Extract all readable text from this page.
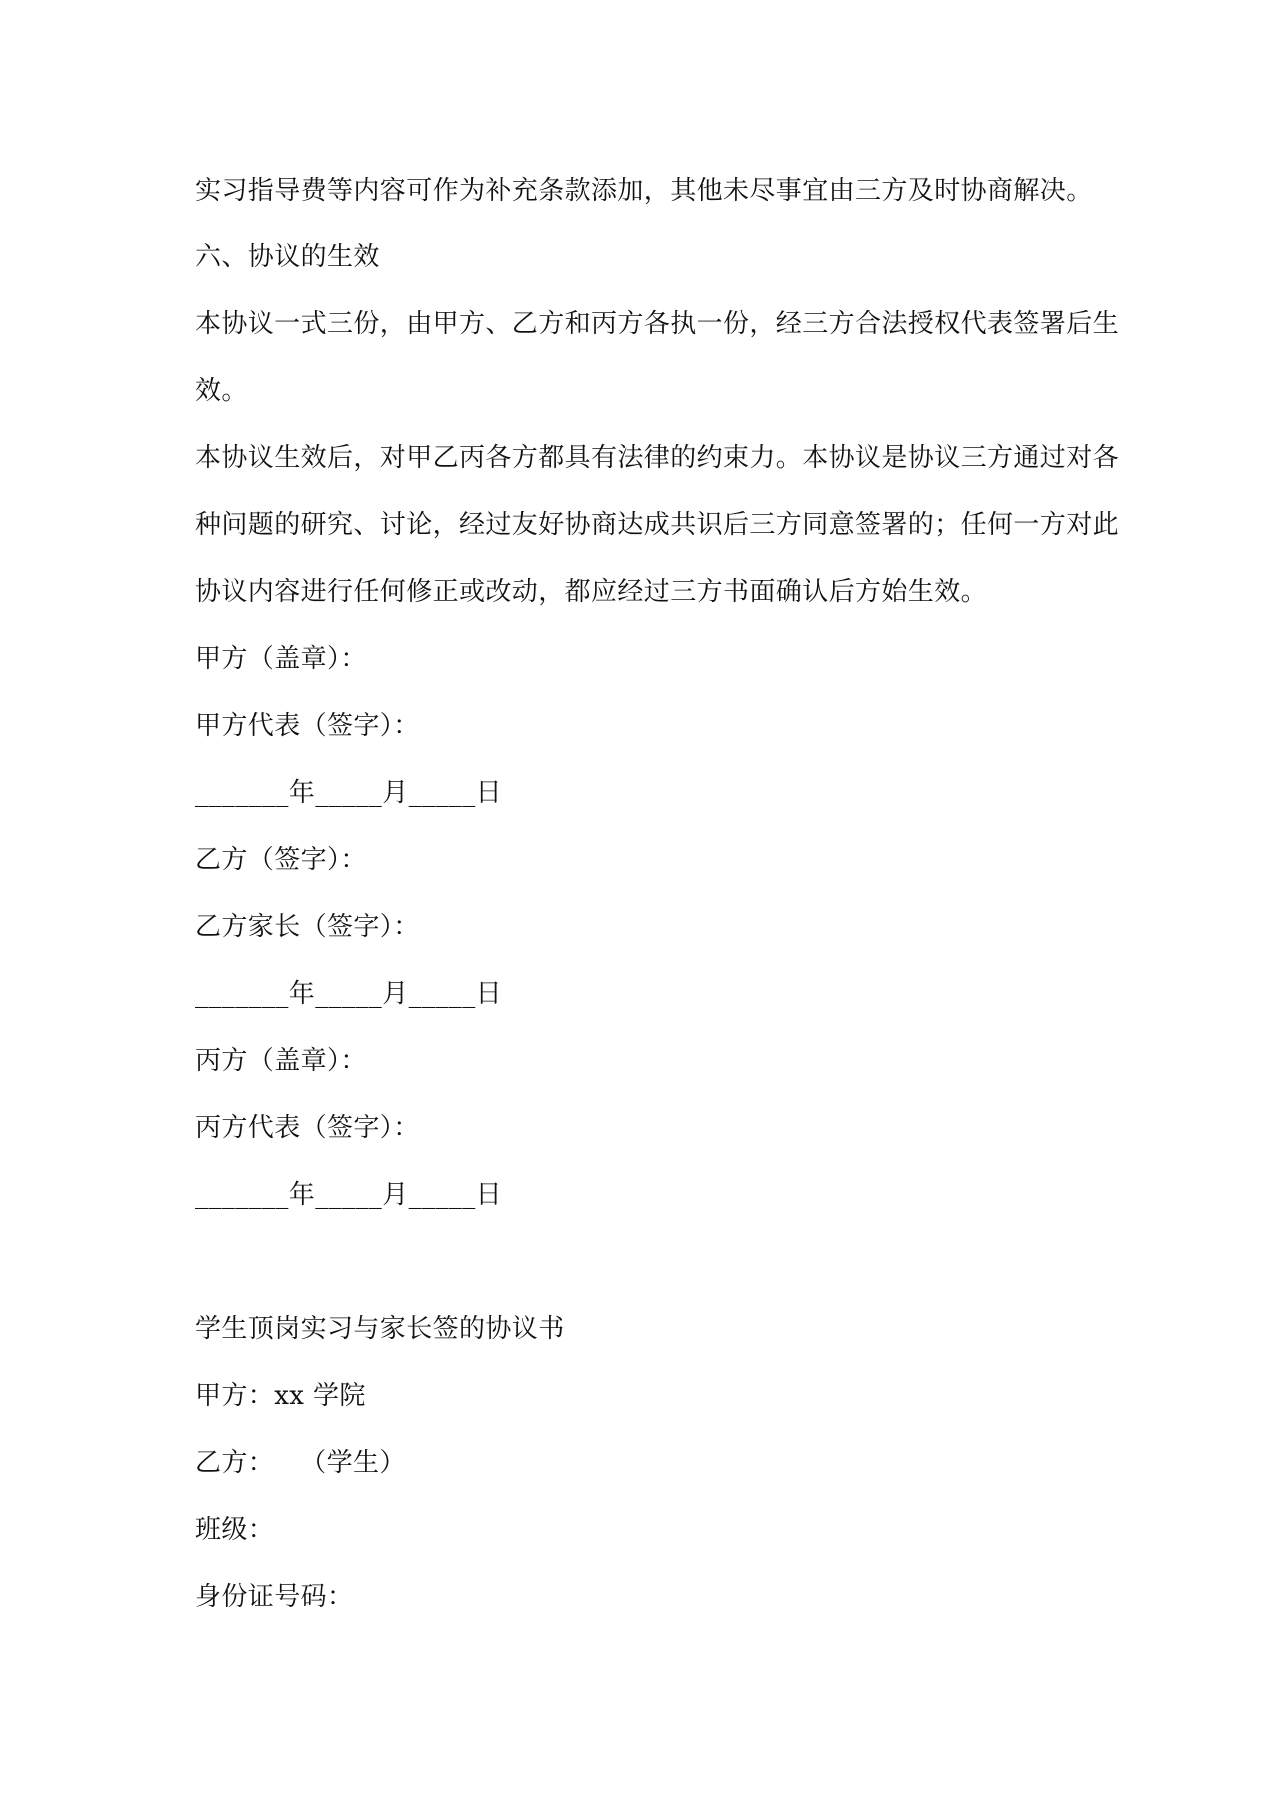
实习指导费等内容可作为补充条款添加，其他未尽事宜由三方及时协商解决。
六、协议的生效
本协议一式三份，由甲方、乙方和丙方各执一份，经三方合法授权代表签署后生
效。
本协议生效后，对甲乙丙各方都具有法律的约束力。本协议是协议三方通过对各
种问题的研究、讨论，经过友好协商达成共识后三方同意签署的；任何一方对此
协议内容进行任何修正或改动，都应经过三方书面确认后方始生效。
甲方（盖章）：
甲方代表（签字）：
_______年_____月_____日
乙方（签字）：
乙方家长（签字）：
_______年_____月_____日
丙方（盖章）：
丙方代表（签字）：
_______年_____月_____日
学生顶岗实习与家长签的协议书
甲方：xx 学院
乙方：   （学生）
班级：
身份证号码：
